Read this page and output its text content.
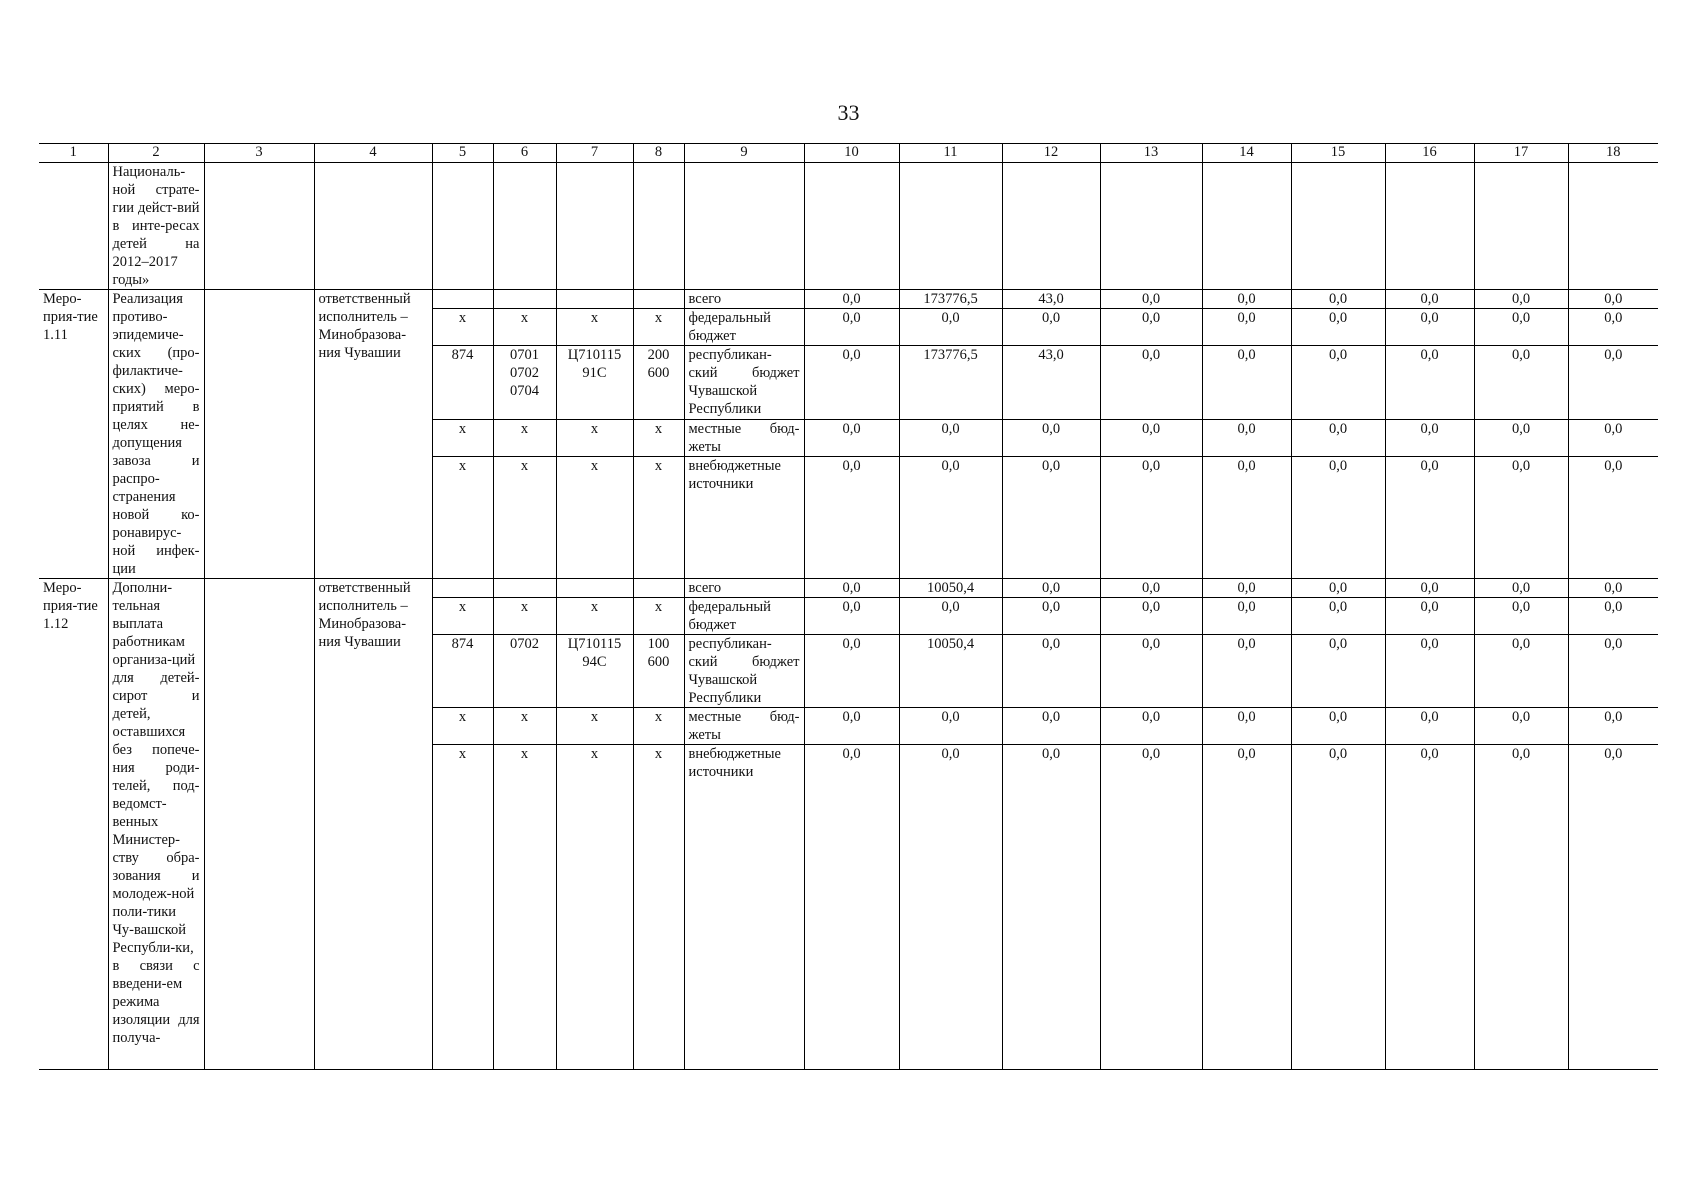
33
1	2	3	4	5	6	7	8	9	10	11	12	13	14	15	16	17	18
	Националь-ной страте-гии дейст-вий в инте-ресах детей на 2012–2017 годы»																
Меро-прия-тие 1.11	Реализация противо-эпидемиче-ских (про-филактиче-ских) меро-приятий в целях не-допущения завоза и распро-странения новой ко-ронавирус-ной инфек-ции		ответственный исполнитель – Минобразова-ния Чувашии					всего	0,0	173776,5	43,0	0,0	0,0	0,0	0,0	0,0	0,0
				x	x	x	x	федеральный бюджет	0,0	0,0	0,0	0,0	0,0	0,0	0,0	0,0	0,0
				874	0701 0702 0704	Ц710115 91С	200 600	республикан-ский бюджет Чувашской Республики	0,0	173776,5	43,0	0,0	0,0	0,0	0,0	0,0	0,0
				x	x	x	x	местные бюд-жеты	0,0	0,0	0,0	0,0	0,0	0,0	0,0	0,0	0,0
				x	x	x	x	внебюджетные источники	0,0	0,0	0,0	0,0	0,0	0,0	0,0	0,0	0,0
Меро-прия-тие 1.12	Дополни-тельная выплата работникам организа-ций для детей-сирот и детей, оставшихся без попече-ния роди-телей, под-ведомст-венных Министер-ству обра-зования и молодеж-ной поли-тики Чу-вашской Республи-ки, в связи с введени-ем режима изоляции для получа-		ответственный исполнитель – Минобразова-ния Чувашии					всего	0,0	10050,4	0,0	0,0	0,0	0,0	0,0	0,0	0,0
				x	x	x	x	федеральный бюджет	0,0	0,0	0,0	0,0	0,0	0,0	0,0	0,0	0,0
				874	0702	Ц710115 94С	100 600	республикан-ский бюджет Чувашской Республики	0,0	10050,4	0,0	0,0	0,0	0,0	0,0	0,0	0,0
				x	x	x	x	местные бюд-жеты	0,0	0,0	0,0	0,0	0,0	0,0	0,0	0,0	0,0
				x	x	x	x	внебюджетные источники	0,0	0,0	0,0	0,0	0,0	0,0	0,0	0,0	0,0
